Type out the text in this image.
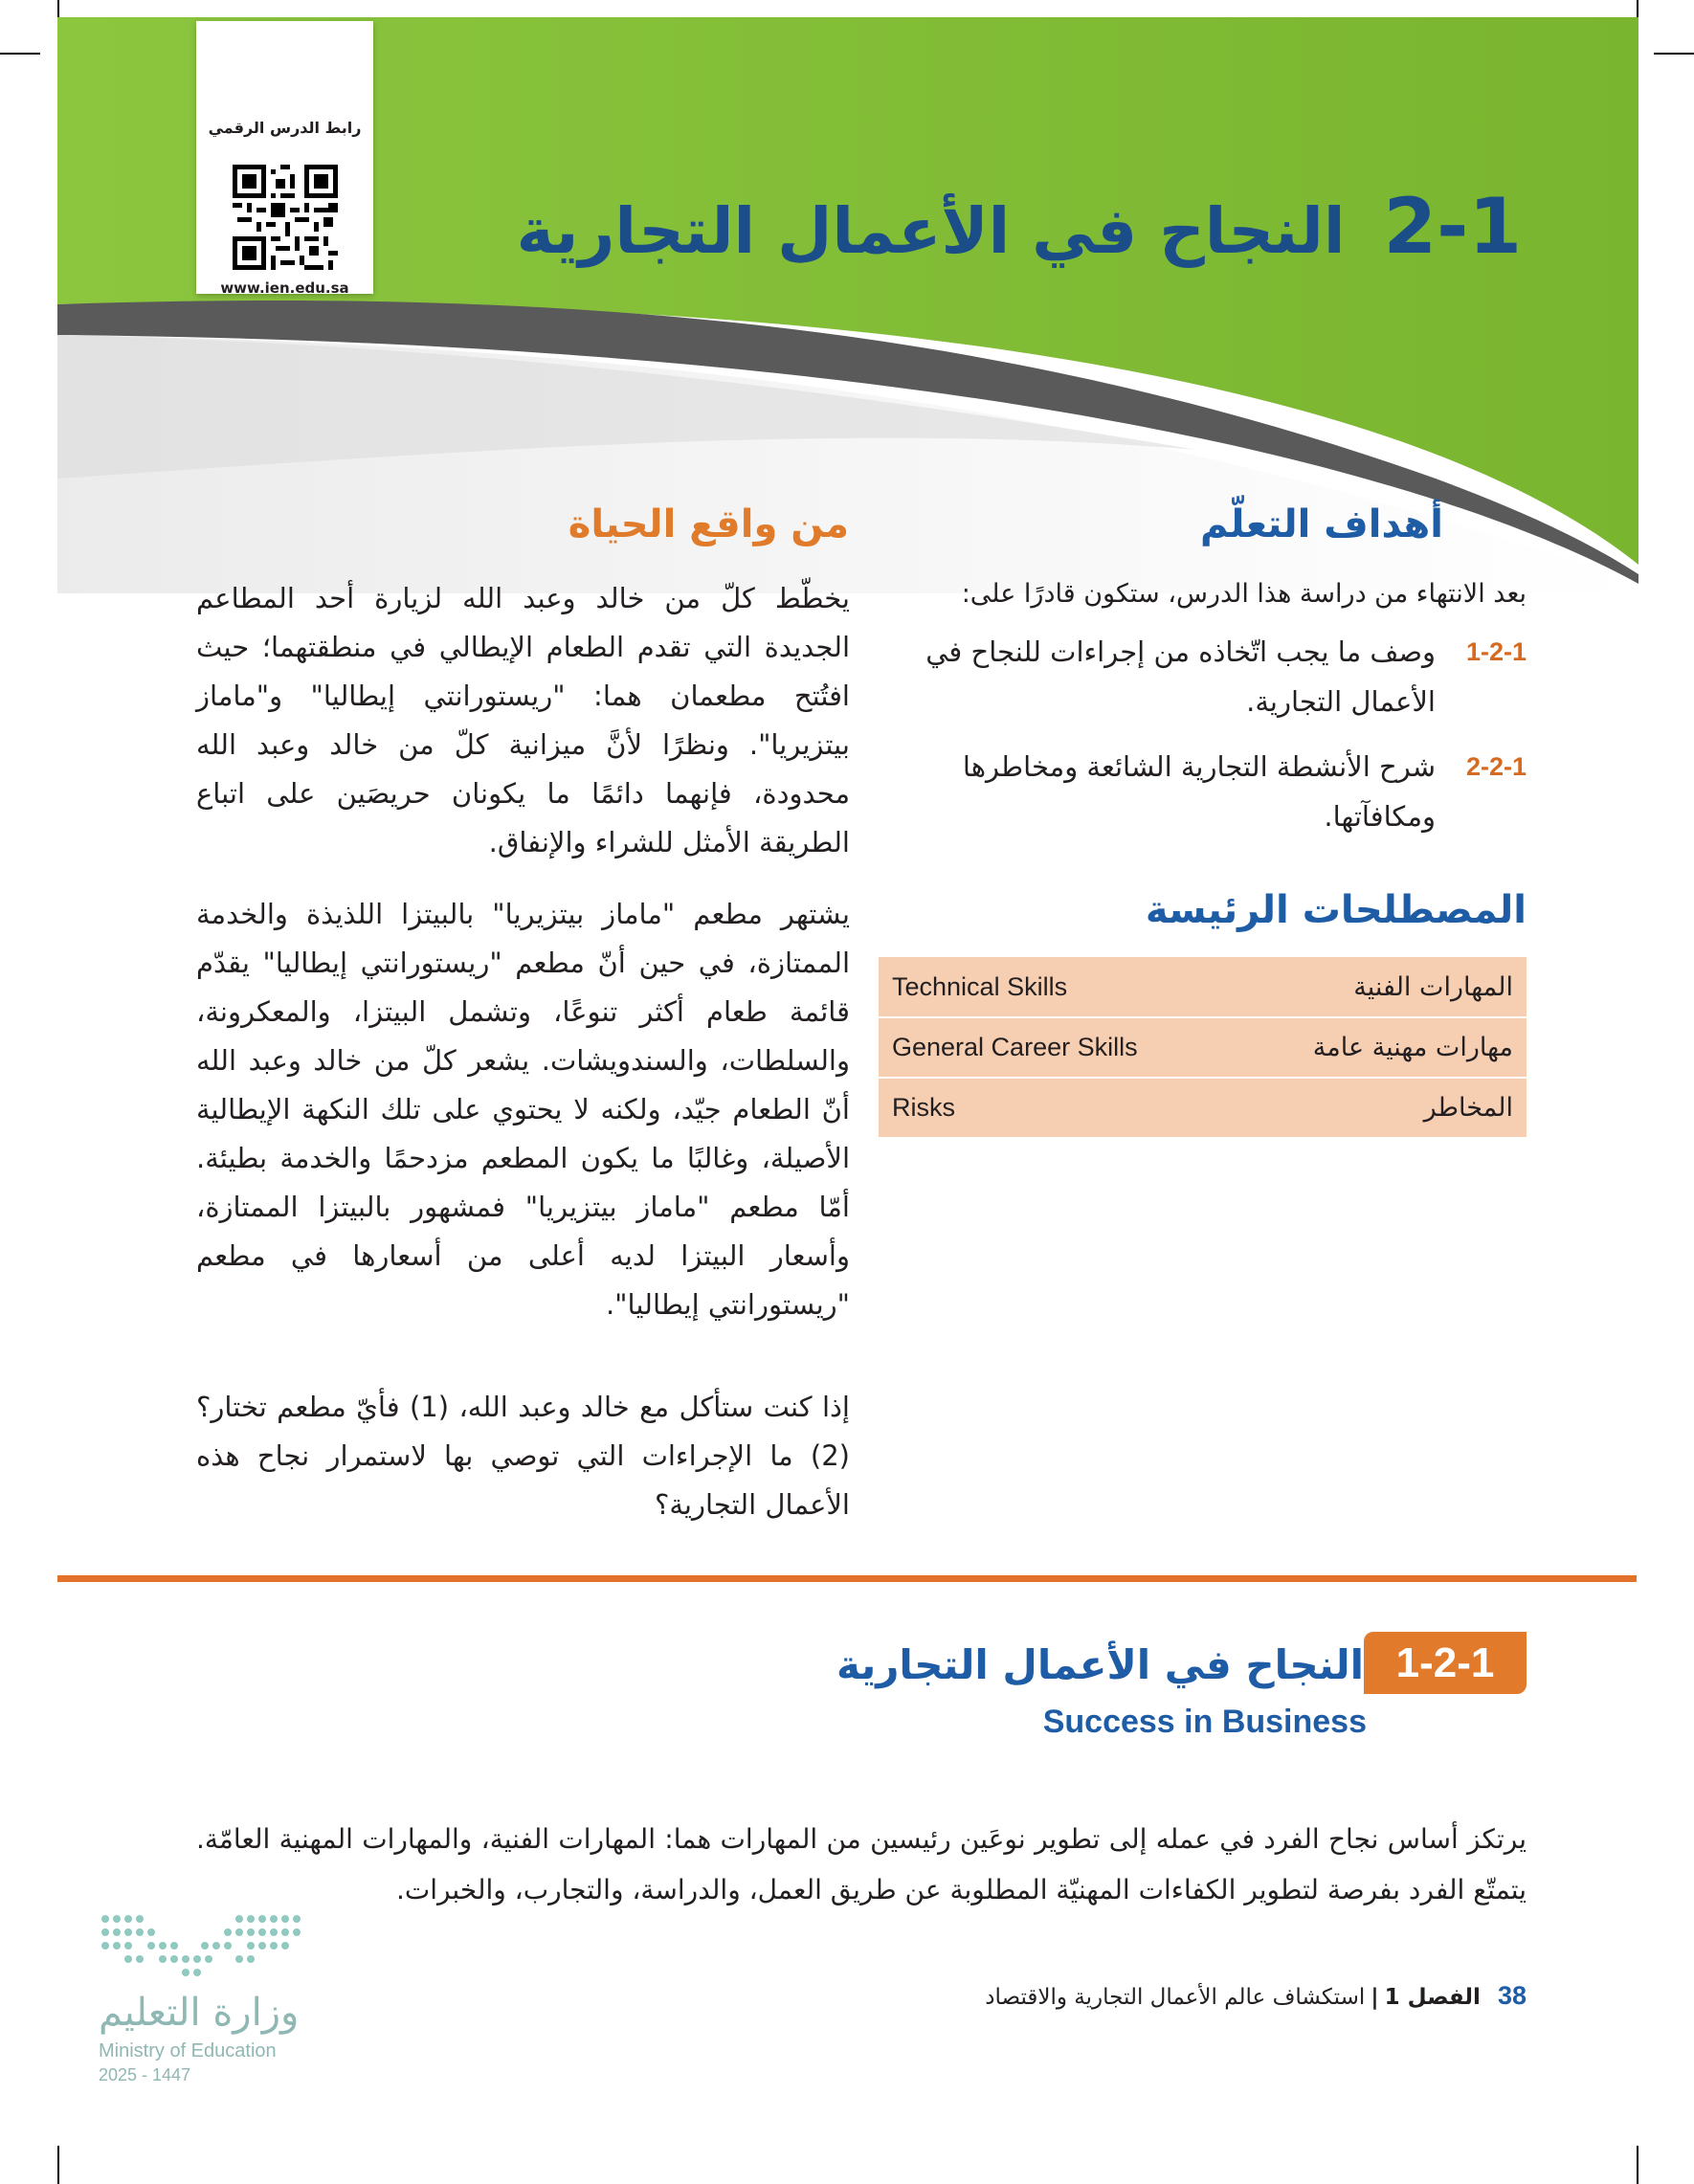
رابط الدرس الرقمي
www.ien.edu.sa
2-1النجاح في الأعمال التجارية
أهداف التعلّم
بعد الانتهاء من دراسة هذا الدرس، ستكون قادرًا على:
1-2-1
وصف ما يجب اتّخاذه من إجراءات للنجاح في الأعمال التجارية.
2-2-1
شرح الأنشطة التجارية الشائعة ومخاطرها ومكافآتها.
المصطلحات الرئيسة
Technical Skills	المهارات الفنية
General Career Skills	مهارات مهنية عامة
Risks	المخاطر
من واقع الحياة
يخطّط كلّ من خالد وعبد الله لزيارة أحد المطاعم الجديدة التي تقدم الطعام الإيطالي في منطقتهما؛ حيث افتُتح مطعمان هما: "ريستورانتي إيطاليا" و"ماماز بيتزيريا". ونظرًا لأنَّ ميزانية كلّ من خالد وعبد الله محدودة، فإنهما دائمًا ما يكونان حريصَين على اتباع الطريقة الأمثل للشراء والإنفاق.
يشتهر مطعم "ماماز بيتزيريا" بالبيتزا اللذيذة والخدمة الممتازة، في حين أنّ مطعم "ريستورانتي إيطاليا" يقدّم قائمة طعام أكثر تنوعًا، وتشمل البيتزا، والمعكرونة، والسلطات، والسندويشات. يشعر كلّ من خالد وعبد الله أنّ الطعام جيّد، ولكنه لا يحتوي على تلك النكهة الإيطالية الأصيلة، وغالبًا ما يكون المطعم مزدحمًا والخدمة بطيئة. أمّا مطعم "ماماز بيتزيريا" فمشهور بالبيتزا الممتازة، وأسعار البيتزا لديه أعلى من أسعارها في مطعم "ريستورانتي إيطاليا".
إذا كنت ستأكل مع خالد وعبد الله، (1) فأيّ مطعم تختار؟ (2) ما الإجراءات التي توصي بها لاستمرار نجاح هذه الأعمال التجارية؟
1-2-1
النجاح في الأعمال التجارية
Success in Business
يرتكز أساس نجاح الفرد في عمله إلى تطوير نوعَين رئيسين من المهارات هما: المهارات الفنية، والمهارات المهنية العامّة. يتمتّع الفرد بفرصة لتطوير الكفاءات المهنيّة المطلوبة عن طريق العمل، والدراسة، والتجارب، والخبرات.
وزارة التعليم
Ministry of Education
2025 - 1447
38الفصل 1|استكشاف عالم الأعمال التجارية والاقتصاد
